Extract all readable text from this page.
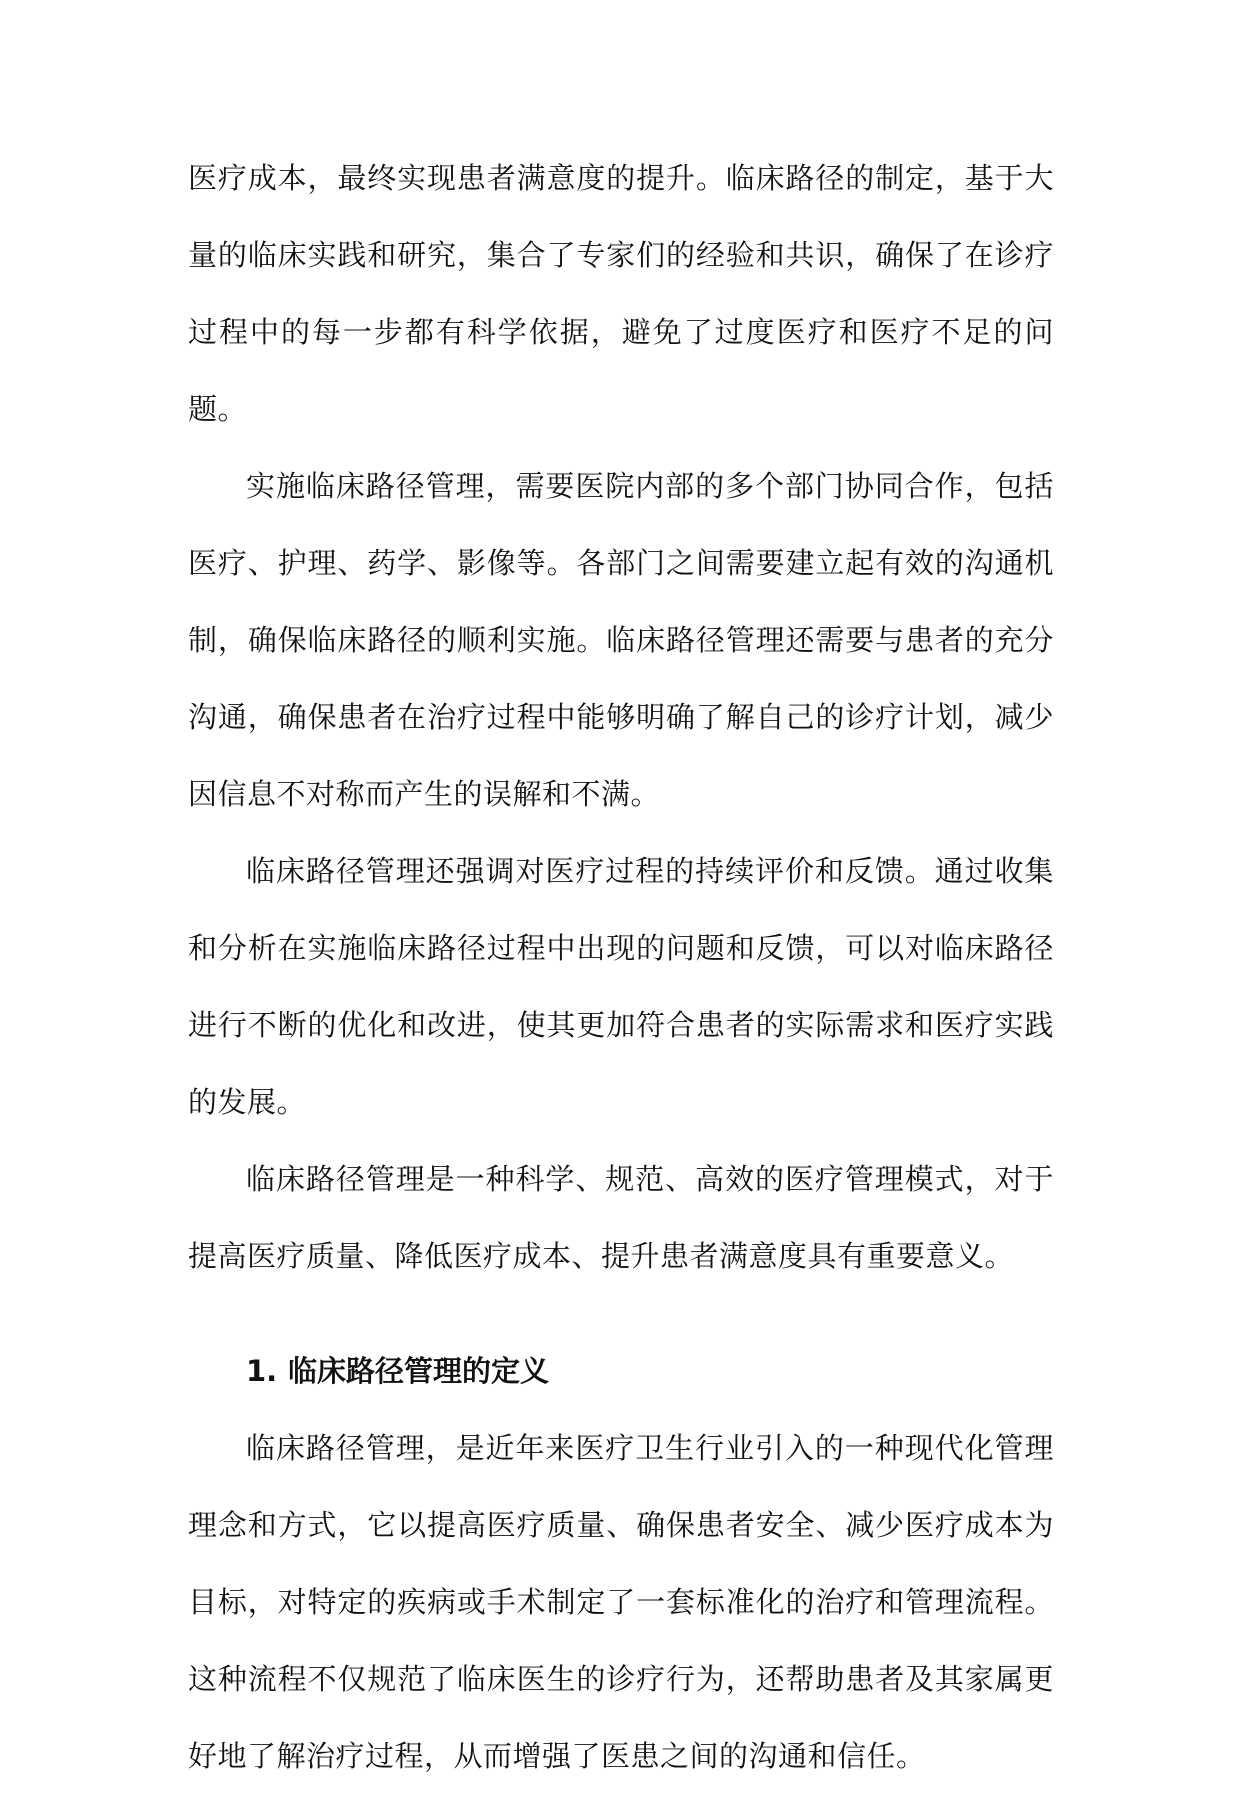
医疗成本，最终实现患者满意度的提升。临床路径的制定，基于大量的临床实践和研究，集合了专家们的经验和共识，确保了在诊疗过程中的每一步都有科学依据，避免了过度医疗和医疗不足的问题。

实施临床路径管理，需要医院内部的多个部门协同合作，包括医疗、护理、药学、影像等。各部门之间需要建立起有效的沟通机制，确保临床路径的顺利实施。临床路径管理还需要与患者的充分沟通，确保患者在治疗过程中能够明确了解自己的诊疗计划，减少因信息不对称而产生的误解和不满。

临床路径管理还强调对医疗过程的持续评价和反馈。通过收集和分析在实施临床路径过程中出现的问题和反馈，可以对临床路径进行不断的优化和改进，使其更加符合患者的实际需求和医疗实践的发展。

临床路径管理是一种科学、规范、高效的医疗管理模式，对于提高医疗质量、降低医疗成本、提升患者满意度具有重要意义。

1. 临床路径管理的定义

临床路径管理，是近年来医疗卫生行业引入的一种现代化管理理念和方式，它以提高医疗质量、确保患者安全、减少医疗成本为目标，对特定的疾病或手术制定了一套标准化的治疗和管理流程。这种流程不仅规范了临床医生的诊疗行为，还帮助患者及其家属更好地了解治疗过程，从而增强了医患之间的沟通和信任。
